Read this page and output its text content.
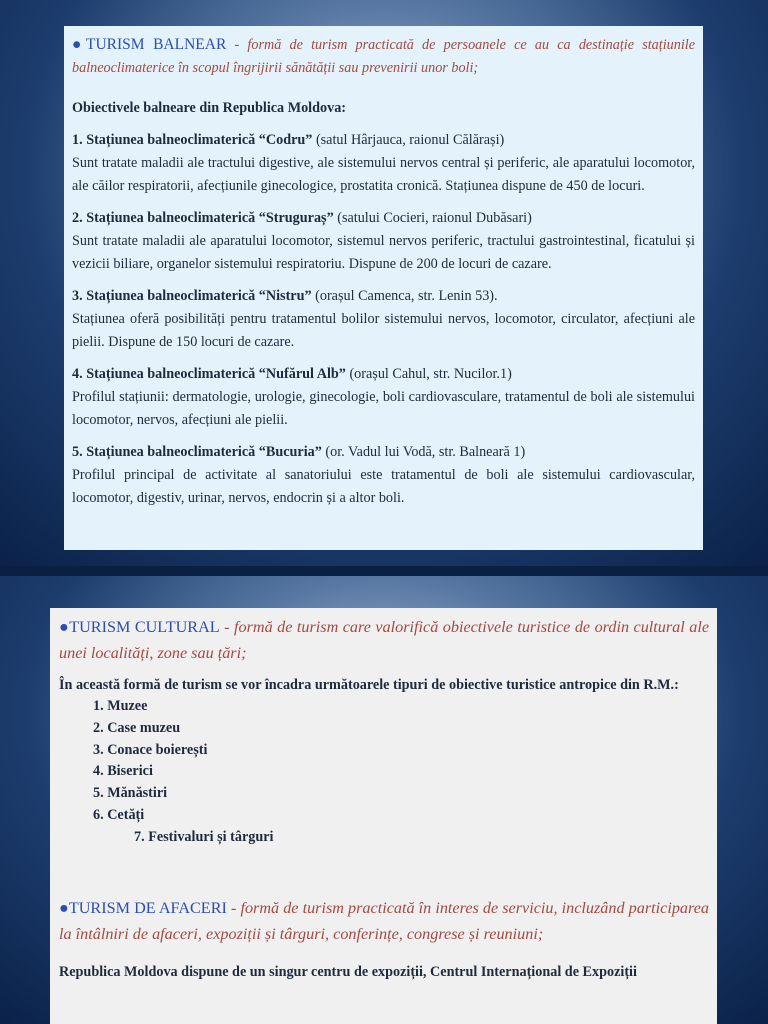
●TURISM BALNEAR - formă de turism practicată de persoanele ce au ca destinație stațiunile balneoclimaterice în scopul îngrijirii sănătății sau prevenirii unor boli;

Obiectivele balneare din Republica Moldova:

1. Stațiunea balneoclimaterică “Codru” (satul Hârjauca, raionul Călărași)

Sunt tratate maladii ale tractului digestive, ale sistemului nervos central și periferic, ale aparatului locomotor, ale căilor respiratorii, afecțiunile ginecologice, prostatita cronică. Stațiunea dispune de 450 de locuri.

2. Stațiunea balneoclimaterică “Struguraș” (satului Cocieri, raionul Dubăsari)

Sunt tratate maladii ale aparatului locomotor, sistemul nervos periferic, tractului gastrointestinal, ficatului și vezicii biliare, organelor sistemului respiratoriu. Dispune de 200 de locuri de cazare.

3. Stațiunea balneoclimaterică “Nistru” (orașul Camenca, str. Lenin 53).

Stațiunea oferă posibilități pentru tratamentul bolilor sistemului nervos, locomotor, circulator, afecțiuni ale pielii. Dispune de 150 locuri de cazare.

4. Stațiunea balneoclimaterică “Nufărul Alb” (orașul Cahul, str. Nucilor.1)

Profilul stațiunii: dermatologie, urologie, ginecologie, boli cardiovasculare, tratamentul de boli ale sistemului locomotor, nervos, afecțiuni ale pielii.

5. Stațiunea balneoclimaterică “Bucuria” (or. Vadul lui Vodă, str. Balneară 1)

Profilul principal de activitate al sanatoriului este tratamentul de boli ale sistemului cardiovascular, locomotor, digestiv, urinar, nervos, endocrin și a altor boli.

●TURISM CULTURAL - formă de turism care valorifică obiectivele turistice de ordin cultural ale unei localități, zone sau țări;

În această formă de turism se vor încadra următoarele tipuri de obiective turistice antropice din R.M.:

1. Muzee
2. Case muzeu
3. Conace boierești
4. Biserici
5. Mănăstiri
6. Cetăți
7. Festivaluri și târguri

●TURISM DE AFACERI - formă de turism practicată în interes de serviciu, incluzând participarea la întâlniri de afaceri, expoziții și târguri, conferințe, congrese și reuniuni;

Republica Moldova dispune de un singur centru de expoziții, Centrul Internațional de Expoziții
